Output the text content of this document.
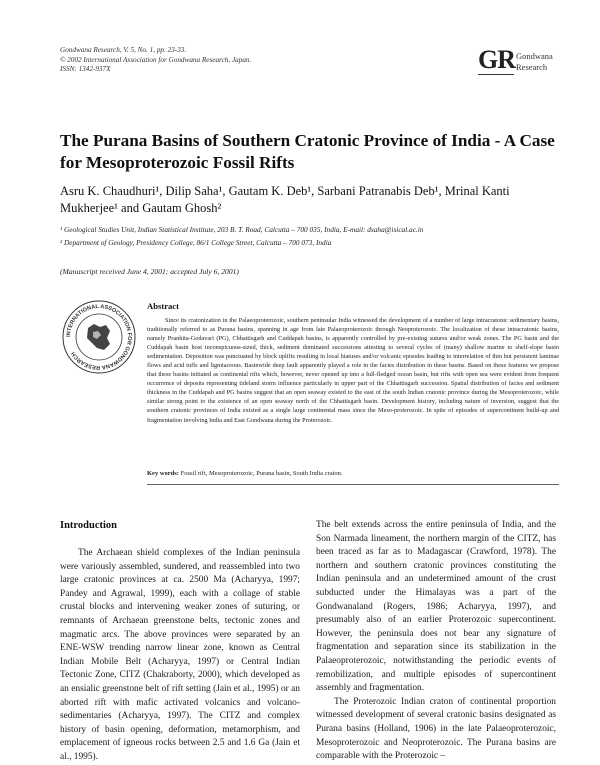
Gondwana Research, V. 5, No. 1, pp. 23-33.
© 2002 International Association for Gondwana Research, Japan.
ISSN: 1342-937X	GR Gondwana
Research
The Purana Basins of Southern Cratonic Province of India - A Case for Mesoproterozoic Fossil Rifts
Asru K. Chaudhuri¹, Dilip Saha¹, Gautam K. Deb¹, Sarbani Patranabis Deb¹, Mrinal Kanti Mukherjee¹ and Gautam Ghosh²
¹ Geological Studies Unit, Indian Statistical Institute, 203 B. T. Road, Calcutta – 700 035, India, E-mail: dsaha@isical.ac.in
² Department of Geology, Presidency College, 86/1 College Street, Calcutta – 700 073, India
(Manuscript received June 4, 2001; accepted July 6, 2001)
INTERNATIONAL ASSOCIATION FOR GONDWANA RESEARCH
Abstract
Since its cratonization in the Palaeoproterozoic, southern peninsular India witnessed the development of a number of large intracratonic sedimentary basins, traditionally referred to as Purana basins, spanning in age from late Palaeoproterozoic through Neoproterozoic. The localization of these intracratonic basins, namely Pranhita-Godavari (PG), Chhattisgarh and Cuddapah basins, is apparently controlled by pre-existing sutures and/or weak zones. The PG basin and the Cuddapah basin host inconspicuous-sized, thick, sediment dominated successions attesting to several cycles of (many) shallow marine to shelf-slope basin sedimentation. Deposition was punctuated by block uplifts resulting in local hiatuses and/or volcanic episodes leading to interrelation of thin but persistent laminae flows and acid tuffs and lignitaceous. Basinwide deep fault apparently played a role in the facies distribution in these basins. Based on these features we propose that these basins initiated as continental rifts which, however, never opened up into a full-fledged ocean basin, but rifts with open sea were evident from frequent occurrence of deposits representing tideland storm influence particularly in upper part of the Chhattisgarh succession. Spatial distribution of facies and sediment thickness in the Cuddapah and PG basins suggest that an open seaway existed to the east of the south Indian cratonic province during the Mesoproterozoic, while similar strong point to the existence of an open seaway north of the Chhattisgarh basin. Development history, including nature of inversion, suggest that the southern cratonic provinces of India existed as a single large continental mass since the Meso-proterozoic. In spite of episodes of supercontinent build-up and fragmentation involving India and East Gondwana during the Proterozoic.
Key words: Fossil rift, Mesoproterozoic, Purana basin, South India craton.
Introduction
The Archaean shield complexes of the Indian peninsula were variously assembled, sundered, and reassembled into two large cratonic provinces at ca. 2500 Ma (Acharyya, 1997; Pandey and Agrawal, 1999), each with a collage of stable crustal blocks and intervening weaker zones of suturing, or remnants of Archaean greenstone belts, tectonic zones and magmatic arcs. The above provinces were separated by an ENE-WSW trending narrow linear zone, known as Central Indian Mobile Belt (Acharyya, 1997) or Central Indian Tectonic Zone, CITZ (Chakraborty, 2000), which developed as an ensialic greenstone belt of rift setting (Jain et al., 1995) or an aborted rift with mafic activated volcanics and volcano-sedimentaries (Acharyya, 1997). The CITZ and complex history of basin opening, deformation, metamorphism, and emplacement of igneous rocks between 2.5 and 1.6 Ga (Jain et al., 1995).

The belt extends across the entire peninsula of India, and the Son Narmada lineament, the northern margin of the CITZ, has been traced as far as to Madagascar (Crawford, 1978). The northern and southern cratonic provinces constituting the Indian peninsula and an undetermined amount of the crust subducted under the Himalayas was a part of the Gondwanaland (Rogers, 1986; Acharyya, 1997), and presumably also of an earlier Proterozoic supercontinent. However, the peninsula does not bear any signature of fragmentation and separation since its stabilization in the Palaeoproterozoic, notwithstanding the periodic events of remobilization, and multiple episodes of supercontinent assembly and fragmentation.

The Proterozoic Indian craton of continental proportion witnessed development of several cratonic basins designated as Purana basins (Holland, 1906) in the late Palaeoproterozoic, Mesoproterozoic and Neoproterozoic. The Purana basins are comparable with the Proterozoic –
